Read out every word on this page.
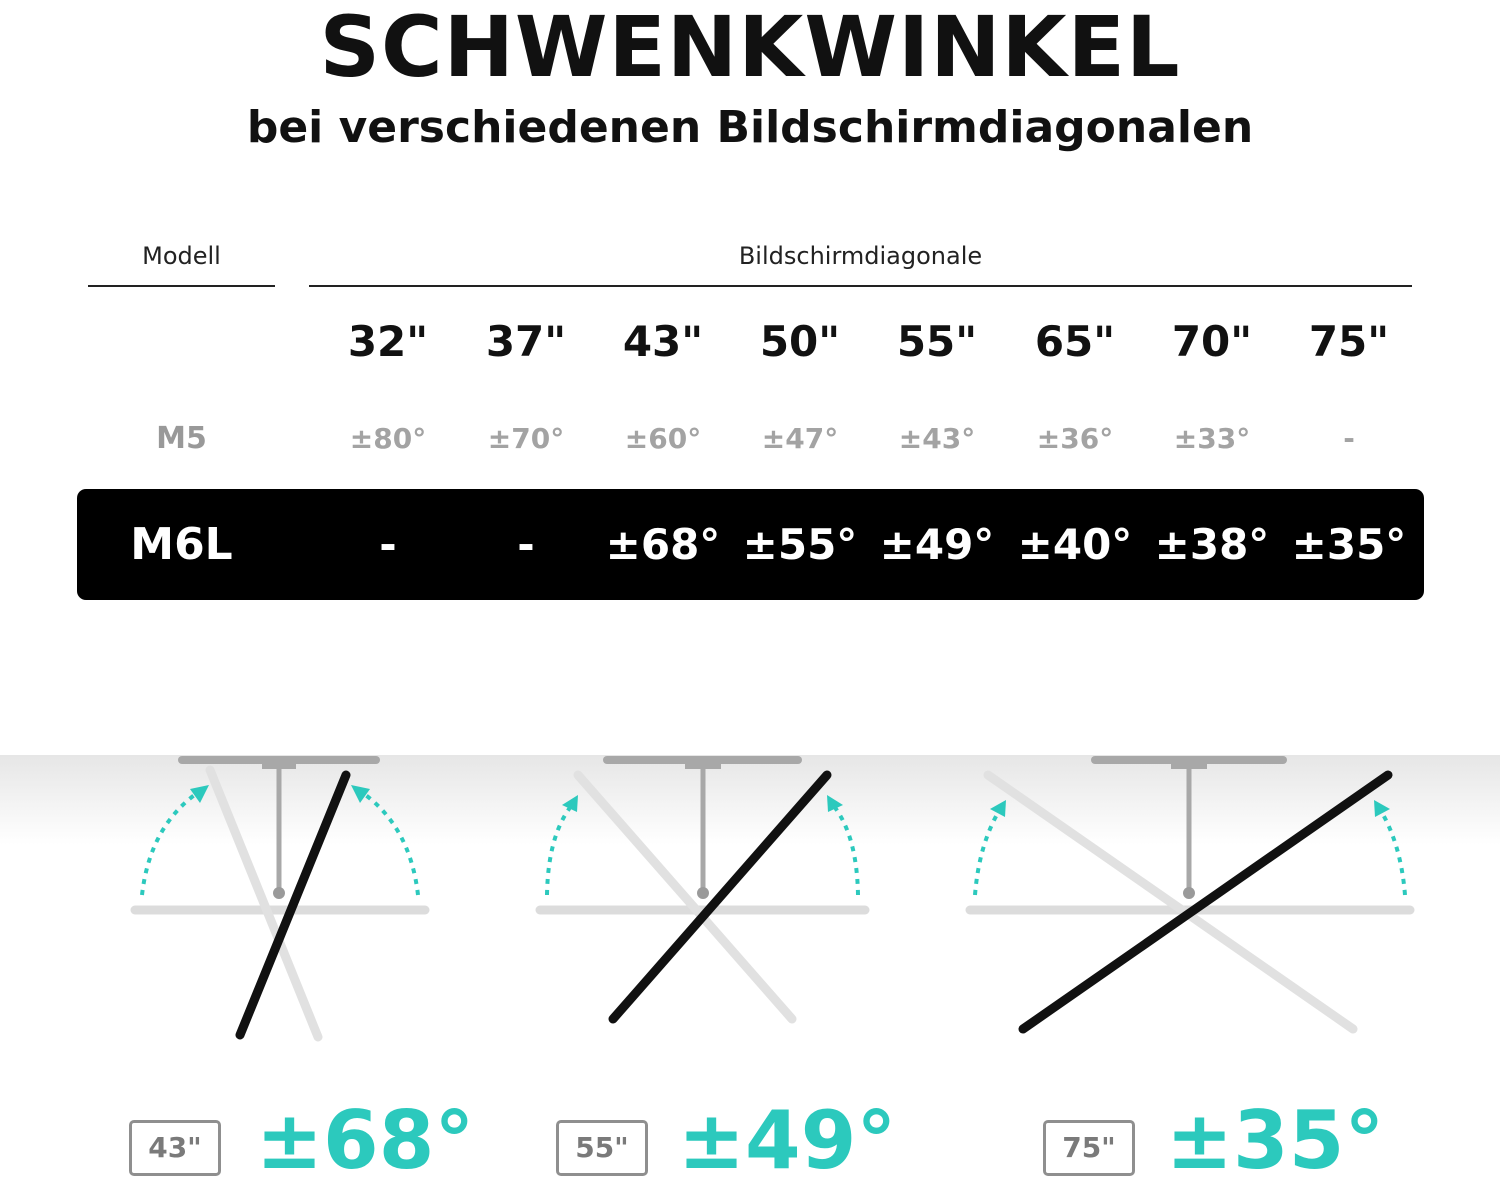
SCHWENKWINKEL
bei verschiedenen Bildschirmdiagonalen
Modell	Bildschirmdiagonale
32"	37"	43"	50"	55"	65"	70"	75"
M5	±80°	±70°	±60°	±47°	±43°	±36°	±33°	-
M6L	-	-	±68° ±55° ±49° ±40° ±38° ±35°
43" ±68°	55" ±49°	75" ±35°
